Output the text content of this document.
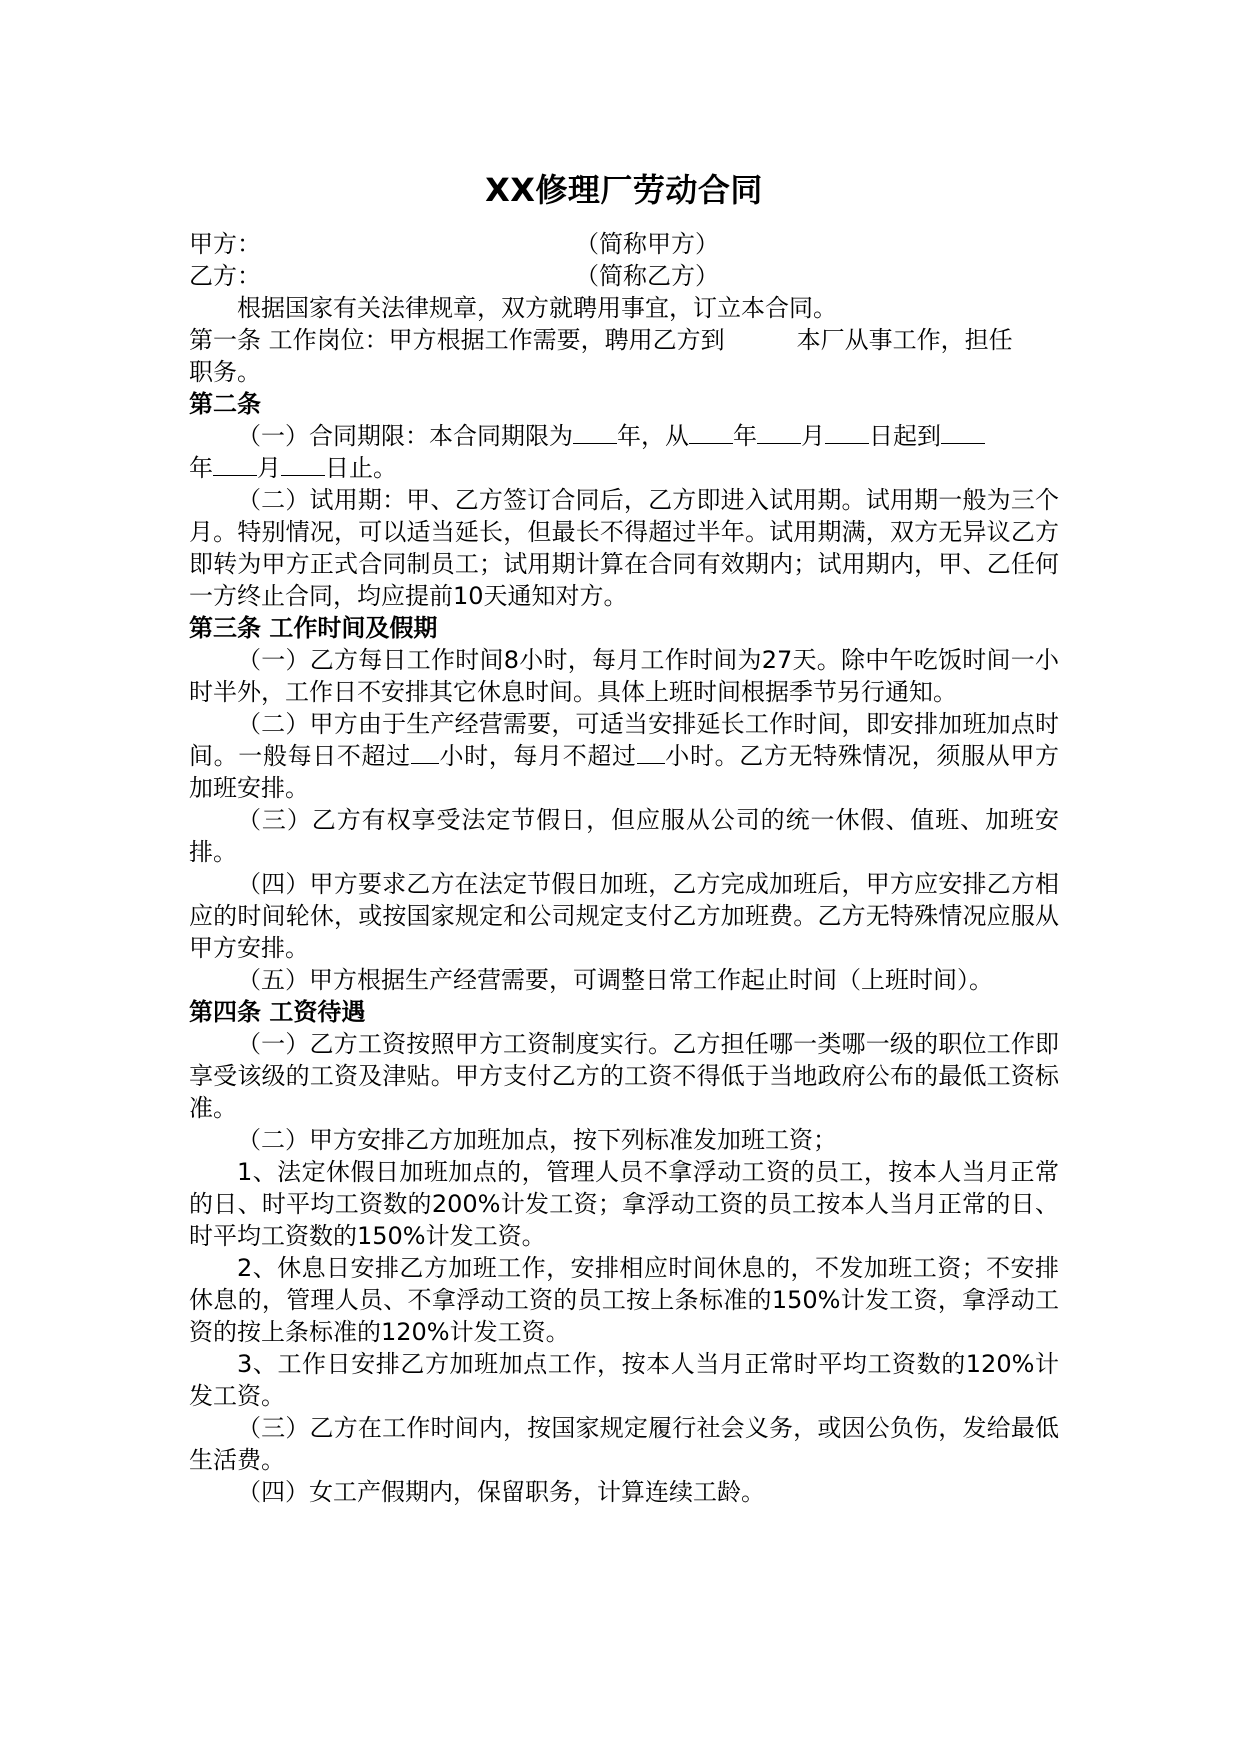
XX修理厂劳动合同
甲方：	（简称甲方）
乙方：	（简称乙方）

根据国家有关法律规章，双方就聘用事宜，订立本合同。

第一条 工作岗位：甲方根据工作需要，聘用乙方到	本厂从事工作，担任
职务。

第二条

（一）合同期限：本合同期限为 年，从 年 月 日起到
年 月 日止。

（二）试用期：甲、乙方签订合同后，乙方即进入试用期。试用期一般为三个月。特别情况，可以适当延长，但最长不得超过半年。试用期满，双方无异议乙方即转为甲方正式合同制员工；试用期计算在合同有效期内；试用期内，甲、乙任何一方终止合同，均应提前10天通知对方。

第三条 工作时间及假期

（一）乙方每日工作时间8小时，每月工作时间为27天。除中午吃饭时间一小时半外，工作日不安排其它休息时间。具体上班时间根据季节另行通知。

（二）甲方由于生产经营需要，可适当安排延长工作时间，即安排加班加点时间。一般每日不超过 小时，每月不超过 小时。乙方无特殊情况，须服从甲方加班安排。

（三）乙方有权享受法定节假日，但应服从公司的统一休假、值班、加班安排。

（四）甲方要求乙方在法定节假日加班，乙方完成加班后，甲方应安排乙方相应的时间轮休，或按国家规定和公司规定支付乙方加班费。乙方无特殊情况应服从甲方安排。

（五）甲方根据生产经营需要，可调整日常工作起止时间（上班时间）。

第四条 工资待遇

（一）乙方工资按照甲方工资制度实行。乙方担任哪一类哪一级的职位工作即享受该级的工资及津贴。甲方支付乙方的工资不得低于当地政府公布的最低工资标准。

（二）甲方安排乙方加班加点，按下列标准发加班工资；

1、法定休假日加班加点的，管理人员不拿浮动工资的员工，按本人当月正常的日、时平均工资数的200%计发工资；拿浮动工资的员工按本人当月正常的日、时平均工资数的150%计发工资。

2、休息日安排乙方加班工作，安排相应时间休息的，不发加班工资；不安排休息的，管理人员、不拿浮动工资的员工按上条标准的150%计发工资，拿浮动工资的按上条标准的120%计发工资。

3、工作日安排乙方加班加点工作，按本人当月正常时平均工资数的120%计发工资。

（三）乙方在工作时间内，按国家规定履行社会义务，或因公负伤，发给最低生活费。

（四）女工产假期内，保留职务，计算连续工龄。
